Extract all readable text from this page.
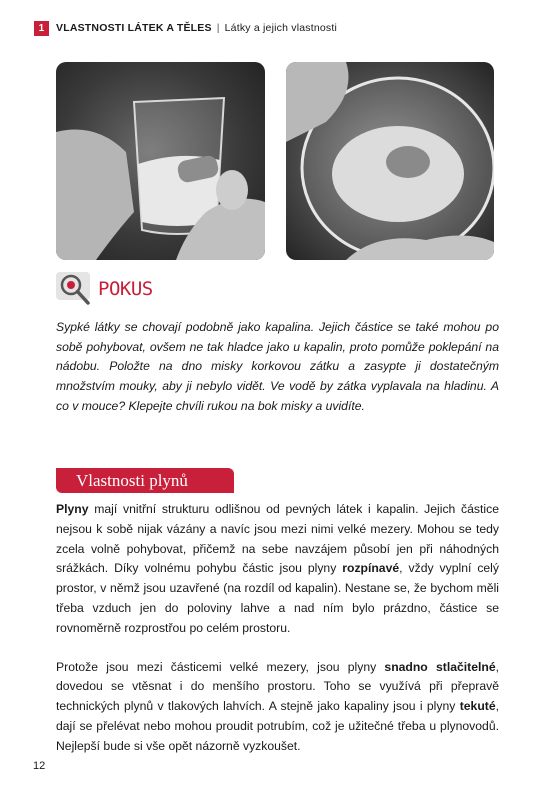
1	VLASTNOSTI LÁTEK A TĚLES | Látky a jejich vlastnosti
POKUS

Sypké látky se chovají podobně jako kapalina. Jejich částice se také mohou po sobě pohybovat, ovšem ne tak hladce jako u kapalin, proto pomůže poklepání na nádobu. Položte na dno misky korkovou zátku a zasypte ji dostatečným množstvím mouky, aby ji nebylo vidět. Ve vodě by zátka vyplavala na hladinu. A co v mouce? Klepejte chvíli rukou na bok misky a uvidíte.

Vlastnosti plynů

Plyny mají vnitřní strukturu odlišnou od pevných látek i kapalin. Jejich částice nejsou k sobě nijak vázány a navíc jsou mezi nimi velké mezery. Mohou se tedy zcela volně pohybovat, přičemž na sebe navzájem působí jen při náhodných srážkách. Díky volnému pohybu částic jsou plyny rozpínavé, vždy vyplní celý prostor, v němž jsou uzavřené (na rozdíl od kapalin). Nestane se, že bychom měli třeba vzduch jen do poloviny lahve a nad ním bylo prázdno, částice se rovnoměrně rozprostřou po celém prostoru.

Protože jsou mezi částicemi velké mezery, jsou plyny snadno stlačitelné, dovedou se vtěsnat i do menšího prostoru. Toho se využívá při přepravě technických plynů v tlakových lahvích. A stejně jako kapaliny jsou i plyny tekuté, dají se přelévat nebo mohou proudit potrubím, což je užitečné třeba u plynovodů. Nejlepší bude si vše opět názorně vyzkoušet.

12
